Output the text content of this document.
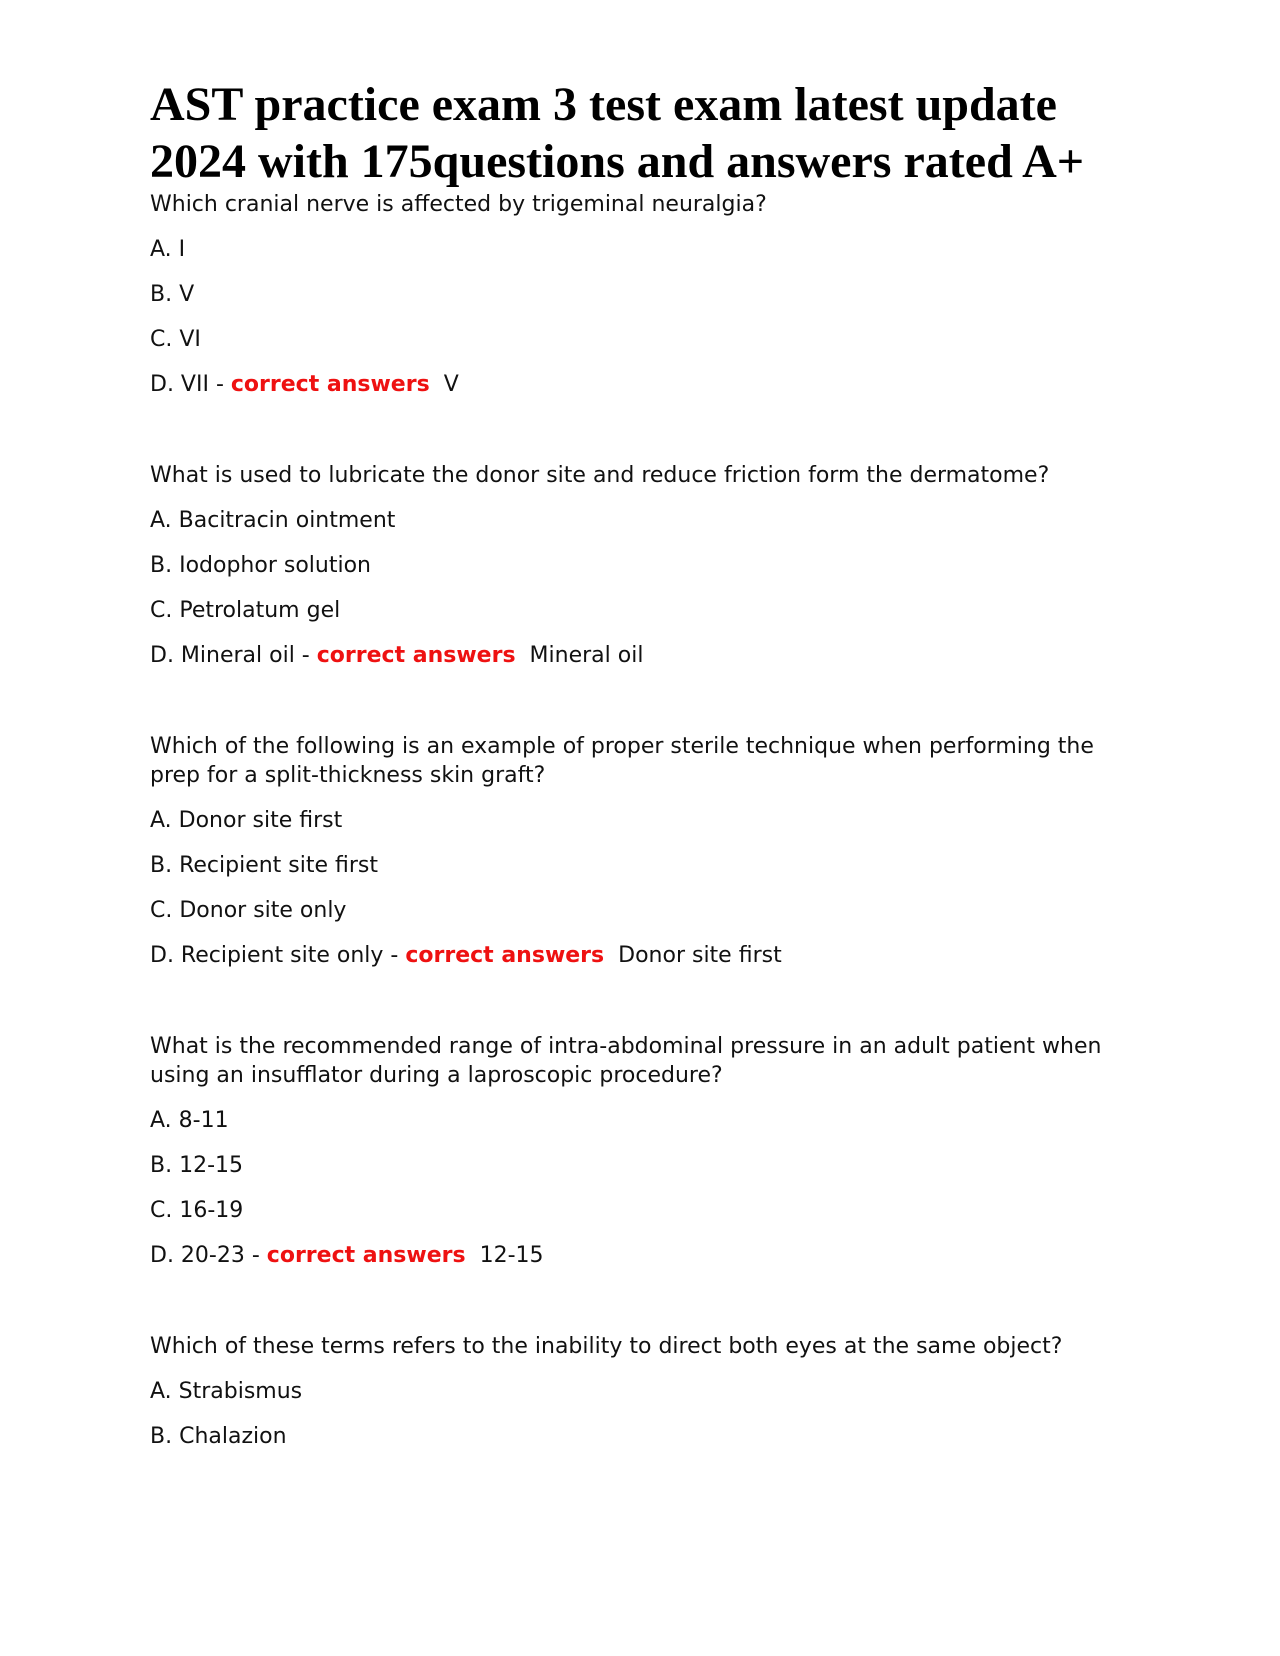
AST practice exam 3 test exam latest update 2024 with 175questions and answers rated A+

Which cranial nerve is affected by trigeminal neuralgia?

A. I

B. V

C. VI

D. VII - correct answers V

What is used to lubricate the donor site and reduce friction form the dermatome?

A. Bacitracin ointment

B. Iodophor solution

C. Petrolatum gel

D. Mineral oil - correct answers Mineral oil

Which of the following is an example of proper sterile technique when performing the prep for a split-thickness skin graft?

A. Donor site first

B. Recipient site first

C. Donor site only

D. Recipient site only - correct answers Donor site first

What is the recommended range of intra-abdominal pressure in an adult patient when using an insufflator during a laproscopic procedure?

A. 8-11

B. 12-15

C. 16-19

D. 20-23 - correct answers 12-15

Which of these terms refers to the inability to direct both eyes at the same object?

A. Strabismus

B. Chalazion
